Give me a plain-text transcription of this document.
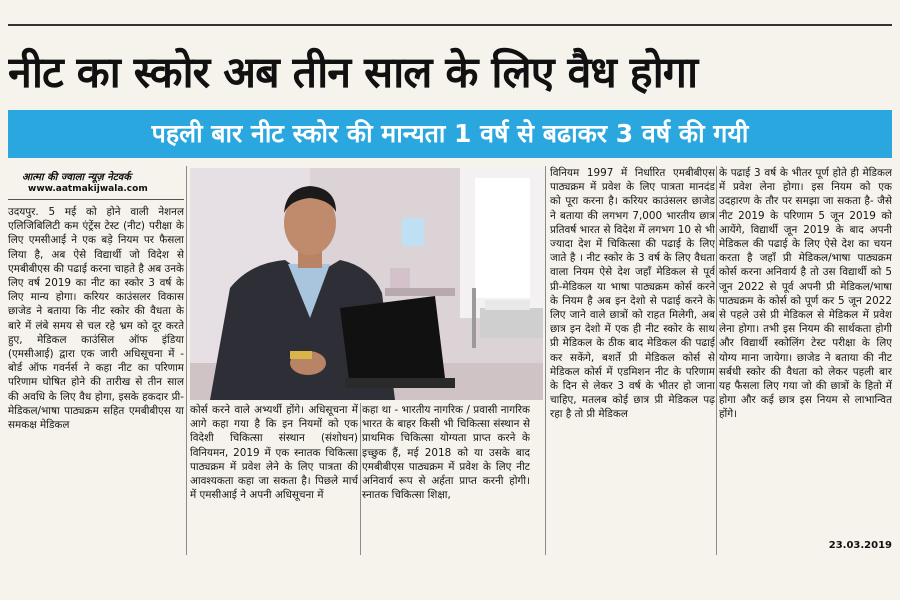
नीट का स्कोर अब तीन साल के लिए वैध होगा
पहली बार नीट स्कोर की मान्यता 1 वर्ष से बढाकर 3 वर्ष की गयी
आत्मा की ज्वाला न्यूज़ नेटवर्क
www.aatmakijwala.com

उदयपुर. 5 मई को होने वाली नेशनल एलिजिबिलिटी कम एंट्रेंस टेस्ट (नीट) परीक्षा के लिए एमसीआई ने एक बड़े नियम पर फैसला लिया है, अब ऐसे विद्यार्थी जो विदेश से एमबीबीएस की पढाई करना चाहते है अब उनके लिए वर्ष 2019 का नीट का स्कोर 3 वर्ष के लिए मान्य होगा। करियर काउंसलर विकास छाजेड ने बताया कि नीट स्कोर की वैधता के बारे में लंबे समय से चल रहे भ्रम को दूर करते हुए, मेडिकल काउंसिल ऑफ इंडिया (एमसीआई) द्वारा एक जारी अधिसूचना में - बोर्ड ऑफ गवर्नर्स ने कहा नीट का परिणाम परिणाम घोषित होने की तारीख से तीन साल की अवधि के लिए वैध होगा, इसके हकदार प्री-मेडिकल/भाषा पाठ्यक्रम सहित एमबीबीएस या समकक्ष मेडिकल

कोर्स करने वाले अभ्यर्थी होंगे। अधिसूचना में आगे कहा गया है कि इन नियमों को एक विदेशी चिकित्सा संस्थान (संशोधन) विनियमन, 2019 में एक स्नातक चिकित्सा पाठ्यक्रम में प्रवेश लेने के लिए पात्रता की आवश्यकता कहा जा सकता है। पिछले मार्च में एमसीआई ने अपनी अधिसूचना में

कहा था - भारतीय नागरिक / प्रवासी नागरिक भारत के बाहर किसी भी चिकित्सा संस्थान से प्राथमिक चिकित्सा योग्यता प्राप्त करने के इच्छुक हैं, मई 2018 को या उसके बाद एमबीबीएस पाठ्यक्रम में प्रवेश के लिए नीट अनिवार्य रूप से अर्हता प्राप्त करनी होगी। स्नातक चिकित्सा शिक्षा,

विनियम 1997 में निर्धारित एमबीबीएस पाठ्यक्रम में प्रवेश के लिए पात्रता मानदंड को पूरा करना है। करियर काउंसलर छाजेड ने बताया की लगभग 7,000 भारतीय छात्र प्रतिवर्ष भारत से विदेश में लगभग 10 से भी ज्यादा देश में चिकित्सा की पढाई के लिए जाते है । नीट स्कोर के 3 वर्ष के लिए वैधता वाला नियम ऐसे देश जहाँ मेडिकल से पूर्व प्री-मेडिकल या भाषा पाठ्यक्रम कोर्स करने के नियम है अब इन देशो से पढाई करने के लिए जाने वाले छात्रों को राहत मिलेगी, अब छात्र इन देशो में एक ही नीट स्कोर के साथ प्री मेडिकल के ठीक बाद मेडिकल की पढाई कर सकेंगे, बशर्ते प्री मेडिकल कोर्स से मेडिकल कोर्स में एडमिशन नीट के परिणाम के दिन से लेकर 3 वर्ष के भीतर हो जाना चाहिए, मतलब कोई छात्र प्री मेडिकल पढ़ रहा है तो प्री मेडिकल

के पढाई 3 वर्ष के भीतर पूर्ण होते ही मेडिकल में प्रवेश लेना होगा। इस नियम को एक उदहारण के तौर पर समझा जा सकता है- जैसे नीट 2019 के परिणाम 5 जून 2019 को आयेंगे, विद्यार्थी जून 2019 के बाद अपनी मेडिकल की पढाई के लिए ऐसे देश का चयन करता है जहाँ प्री मेडिकल/भाषा पाठ्यक्रम कोर्स करना अनिवार्य है तो उस विद्यार्थी को 5 जून 2022 से पूर्व अपनी प्री मेडिकल/भाषा पाठ्यक्रम के कोर्स को पूर्ण कर 5 जून 2022 से पहले उसे प्री मेडिकल से मेडिकल में प्रवेश लेना होगा। तभी इस नियम की सार्थकता होगी और विद्यार्थी स्कोलिंग टेस्ट परीक्षा के लिए योग्य माना जायेगा। छाजेड ने बताया की नीट सर्बधी स्कोर की वैधता को लेकर पहली बार यह फैसला लिए गया जो की छात्रों के हितो में होगा और कई छात्र इस नियम से लाभान्वित होंगे।

23.03.2019
